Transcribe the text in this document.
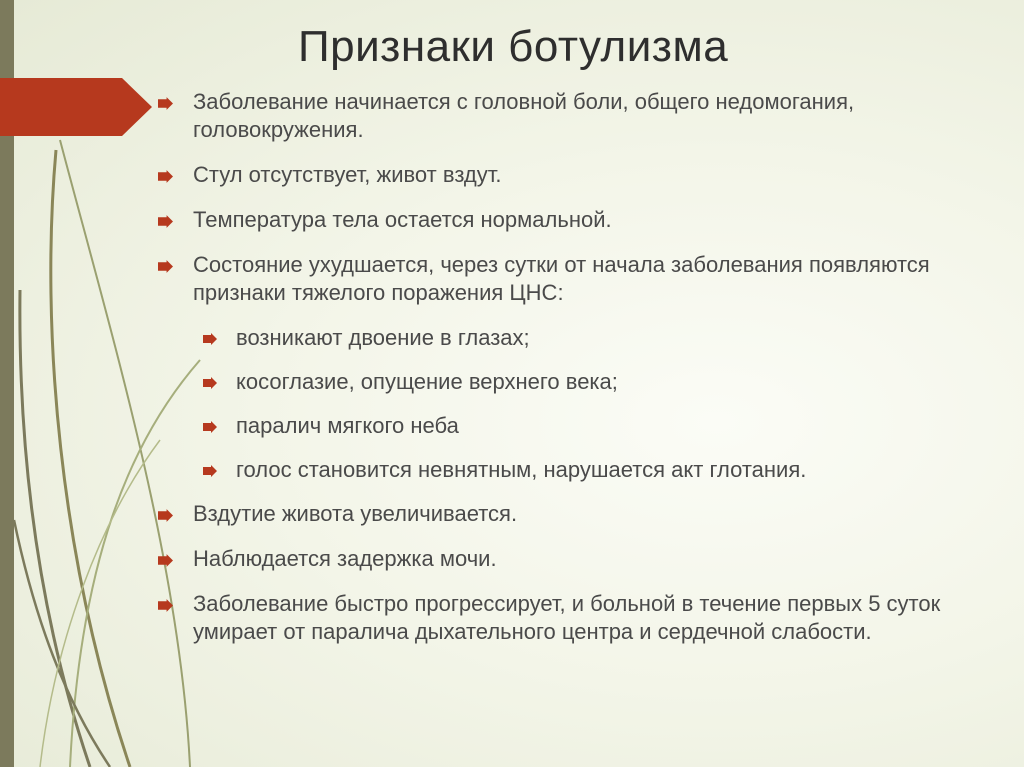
Признаки ботулизма
Заболевание начинается с головной боли, общего недомогания, головокружения.
Стул отсутствует, живот вздут.
Температура тела остается нормальной.
Состояние ухудшается, через сутки от начала заболевания появляются признаки тяжелого поражения ЦНС:
возникают двоение в глазах;
косоглазие, опущение верхнего века;
паралич мягкого неба
голос становится невнятным, нарушается акт глотания.
Вздутие живота увеличивается.
Наблюдается задержка мочи.
Заболевание быстро прогрессирует, и больной в течение первых 5 суток умирает от паралича дыхательного центра и сердечной слабости.
